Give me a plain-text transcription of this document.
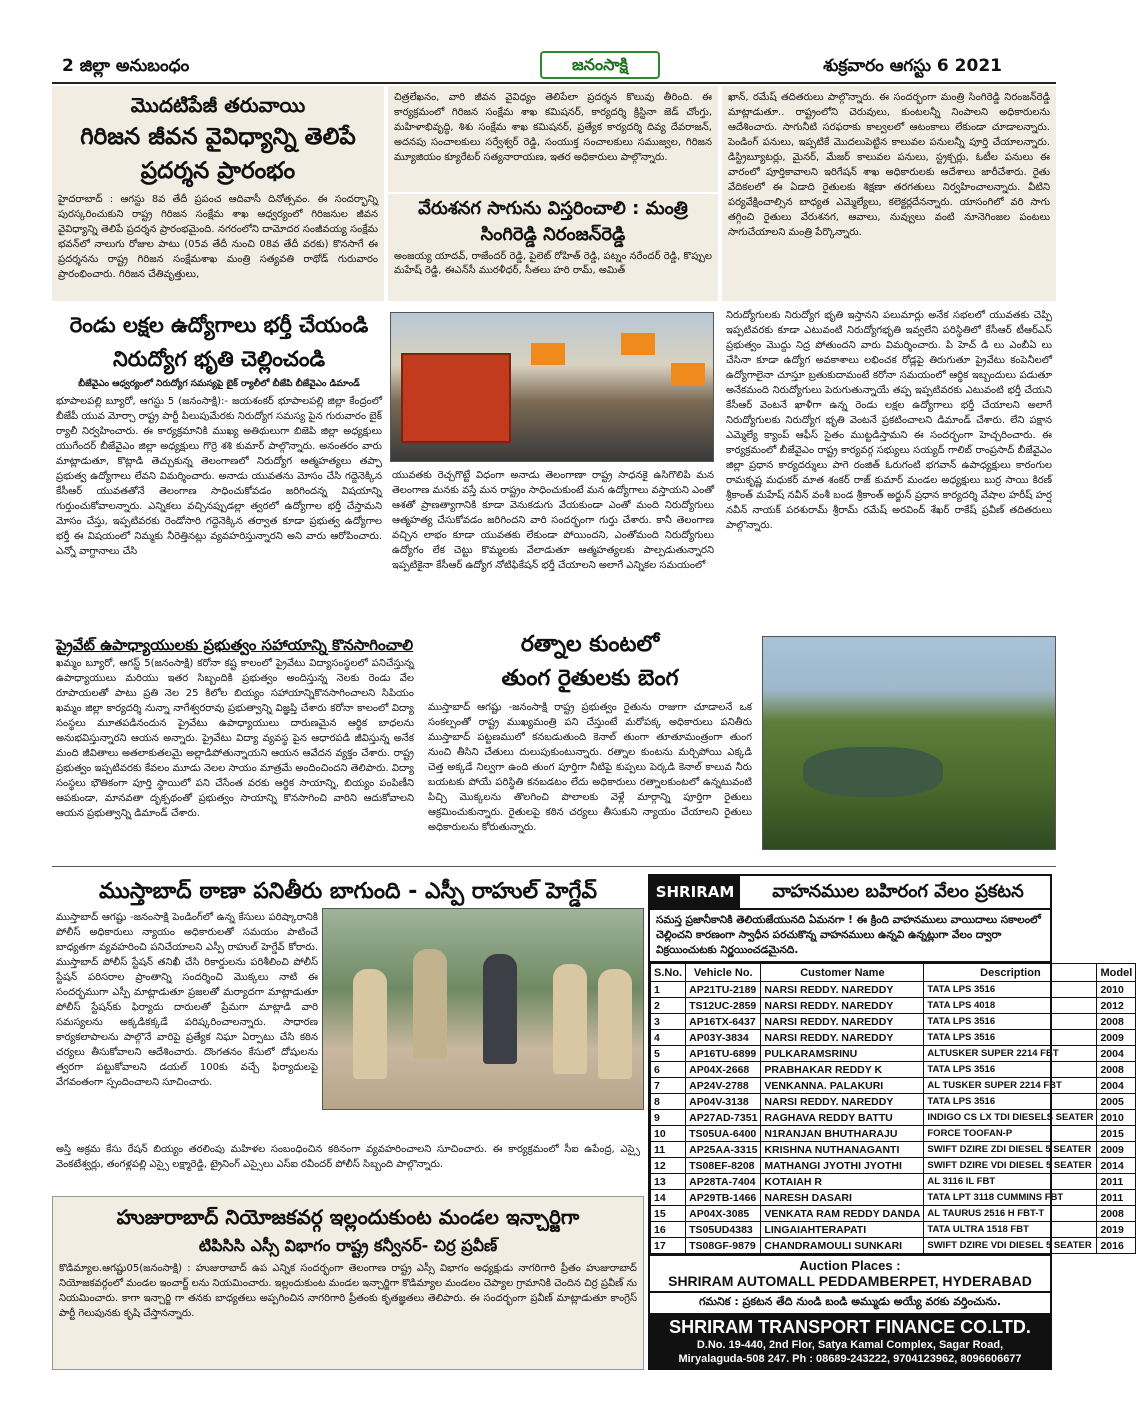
2 జిల్లా అనుబంధం	జనంసాక్షి	శుక్రవారం ఆగస్టు 6 2021
మొదటిపేజీ తరువాయి
గిరిజన జీవన వైవిధ్యాన్ని తెలిపే ప్రదర్శన ప్రారంభం
హైదరాబాద్ : ఆగస్టు 8వ తేదీ ప్రపంచ ఆదివాసీ దినోత్సవం. ఈ సందర్భాన్ని పురస్కరించుకుని రాష్ట్ర గిరిజన సంక్షేమ శాఖ ఆధ్వర్యంలో గిరిజనుల జీవన వైవిధ్యాన్ని తెలిపే ప్రదర్శన ప్రారంభమైంది. నగరంలోని దామోదర సంజీవయ్య సంక్షేమ భవన్‌లో నాలుగు రోజుల పాటు (05వ తేదీ నుంచి 08వ తేదీ వరకు) కొనసాగే ఈ ప్రదర్శనను రాష్ట్ర గిరిజన సంక్షేమశాఖ మంత్రి సత్యవతి రాథోడ్ గురువారం ప్రారంభించారు. గిరిజన చేతివృత్తులు,
చిత్రలేఖనం, వారి జీవన వైవిధ్యం తెలిపేలా ప్రదర్శన కొలువు తీరింది. ఈ కార్యక్రమంలో గిరిజన సంక్షేమ శాఖ కమిషనర్, కార్యదర్శి క్రిస్టినా జెడ్ చోంగ్తు, మహిళాభివృద్ధి, శిశు సంక్షేమ శాఖ కమిషనర్, ప్రత్యేక కార్యదర్శి దివ్య దేవరాజన్, అదనపు సంచాలకులు సర్వేశ్వర్ రెడ్డి, సంయుక్త సంచాలకులు సముజ్వల, గిరిజన మ్యూజియం క్యూరేటర్ సత్యనారాయణ, ఇతర అధికారులు పాల్గొన్నారు.
వేరుశనగ సాగును విస్తరించాలి : మంత్రి సింగిరెడ్డి నిరంజన్‌రెడ్డి
అంజయ్య యాదవ్, రాజేందర్ రెడ్డి, పైలెట్ రోహిత్ రెడ్డి, పట్నం నరేందర్ రెడ్డి, కొప్పుల మహేష్ రెడ్డి, ఈఎన్‌సీ మురళీధర్, సీతలు హరి రామ్, అమిత్
ఖాన్, రమేష్ తదితరులు పాల్గొన్నారు. ఈ సందర్భంగా మంత్రి సింగిరెడ్డి నిరంజన్‌రెడ్డి మాట్లాడుతూ.. రాష్ట్రంలోని చెరువులు, కుంటలన్నీ నింపాలని అధికారులను ఆదేశించారు. సాగునీటి సరఫరాకు కాల్వలలో ఆటంకాలు లేకుండా చూడాలన్నారు. పెండింగ్ పనులు, ఇప్పటికే మొదలుపెట్టిన కాలువల పనులన్నీ పూర్తి చేయాలన్నారు. డిస్ట్రిబ్యూటర్లు, మైనర్, మేజర్ కాలువల పనులు, స్ట్రక్చర్లు, ఓటీల పనులు ఈ వారంలో పూర్తికావాలని ఇరిగేషన్ శాఖ అధికారులకు ఆదేశాలు జారీచేశారు. రైతు వేదికలలో ఈ ఏడాది రైతులకు శిక్షణా తరగతులు నిర్వహించాలన్నారు. వీటిని పర్యవేక్షించాల్సిన బాధ్యత ఎమ్మెల్యేలు, కలెక్టర్లదేనన్నారు. యాసంగిలో వరి సాగు తగ్గించి రైతులు వేరుశనగ, ఆవాలు, నువ్వులు వంటి నూనెగింజల పంటలు సాగుచేయాలని మంత్రి పేర్కొన్నారు.
రెండు లక్షల ఉద్యోగాలు భర్తీ చేయండి
నిరుద్యోగ భృతి చెల్లించండి
బీజేవైఎం ఆధ్వర్యంలో నిరుద్యోగ సమస్యపై బైక్ ర్యాలీలో బీజేపి బీజేవైఎం డిమాండ్
భూపాలపల్లి బ్యూరో, ఆగస్టు 5 (జనంసాక్షి):- జయశంకర్ భూపాలపల్లి జిల్లా కేంద్రంలో బీజేపీ యువ మోర్చా రాష్ట్ర పార్టీ పిలుపుమేరకు నిరుద్యోగ సమస్య పైన గురువారం బైక్ ర్యాలీ నిర్వహించారు. ఈ కార్యక్రమానికి ముఖ్య అతిథులుగా బిజెపి జిల్లా అధ్యక్షులు యుగేందర్ బీజేవైఎం జిల్లా అధ్యక్షులు గొర్రె శశి కుమార్ పాల్గొన్నారు. అనంతరం వారు మాట్లాడుతూ, కొట్లాడి తెచ్చుకున్న తెలంగాణలో నిరుద్యోగ ఆత్మహత్యలు తప్పా ప్రభుత్వ ఉద్యోగాలు లేవని విమర్శించారు. అనాడు యువతను మోసం చేసి గద్దెనెక్కిన కేసీఆర్ యువతతోనే తెలంగాణ సాధించుకోవడం జరిగిందన్న విషయాన్ని గుర్తుంచుకోవాలన్నారు. ఎన్నికలు వచ్చినప్పుడల్లా త్వరలో ఉద్యోగాల భర్తీ చేస్తామని మోసం చేస్తు, ఇప్పటివరకు రెండోసారి గద్దెనెక్కిన తర్వాత కూడా ప్రభుత్వ ఉద్యోగాల భర్తీ ఈ విషయంలో నిమ్మకు నీరెత్తినట్లు వ్యవహరిస్తున్నారని అని వారు ఆరోపించారు. ఎన్నో వాగ్దానాలు చేసి
యువతకు రెచ్చగొట్టే విధంగా అనాడు తెలంగాణా రాష్ట్ర సాధనకై ఉసిగొలిపి మన తెలంగాణ మనకు వస్తే మన రాష్ట్రం సాధించుకుంటే మన ఉద్యోగాలు వస్తాయని ఎంతో ఆశతో ప్రాణత్యాగానికి కూడా వెనుకడుగు వేయకుండా ఎంతో మంది నిరుద్యోగులు ఆత్మహత్య చేసుకోవడం జరిగిందని వారి సందర్భంగా గుర్తు చేశారు. కానీ తెలంగాణ వచ్చిన లాభం కూడా యువతకు లేకుండా పోయిందని, ఎంతోమంది నిరుద్యోగులు ఉద్యోగం లేక చెట్టు కొమ్మలకు వేలాడుతూ ఆత్మహత్యలకు పాల్పడుతున్నారని ఇప్పటికైనా కేసీఆర్ ఉద్యోగ నోటిఫికేషన్ భర్తీ చేయాలని అలాగే ఎన్నికల సమయంలో
నిరుద్యోగులకు నిరుద్యోగ భృతి ఇస్తానని పలుమార్లు అనేక సభలలో యువతకు చెప్పి ఇప్పటివరకు కూడా ఎటువంటి నిరుద్యోగభృతి ఇవ్వలేని పరిస్థితిలో కేసీఆర్ టీఆర్ఎస్ ప్రభుత్వం మొద్దు నిద్ర పోతుందని వారు విమర్శించారు. పి హెచ్ డి లు ఎంబీఏ లు చేసినా కూడా ఉద్యోగ అవకాశాలు లభించక రోడ్లపై తిరుగుతూ ప్రైవేటు కంపెనీలలో ఉద్యోగాలైనా చూస్తూ బ్రతుకుదామంటే కరోనా సమయంలో ఆర్థిక ఇబ్బందులు పడుతూ అనేకమంది నిరుద్యోగులు పెరుగుతున్నాయే తప్ప ఇప్పటివరకు ఎటువంటి భర్తీ చేయని కేసీఆర్ వెంటనే ఖాళీగా ఉన్న రెండు లక్షల ఉద్యోగాలు భర్తీ చేయాలని అలాగే నిరుద్యోగులకు నిరుద్యోగ భృతి వెంటనే ప్రకటించాలని డిమాండ్ చేశారు. లేని పక్షాన ఎమ్మెల్యే క్యాంప్ ఆఫీస్ సైతం ముట్టడిస్తామని ఈ సందర్భంగా హెచ్చరించారు. ఈ కార్యక్రమంలో బీజేవైఎం రాష్ట్ర కార్యవర్గ సభ్యులు సయ్యద్ గాలిబ్ రాంప్రసాద్ బీజేవైఎం జిల్లా ప్రధాన కార్యదర్శులు పాగె రంజిత్ ఓరుగంటి భగవాన్ ఉపాధ్యక్షులు కారంగుల రామకృష్ణ మధుకర్ మాత శంకర్ రాజ్ కుమార్ మండల అధ్యక్షులు బుర్ర సాయి కిరణ్ శ్రీకాంత్ మహేష్ నవీన్ వంశీ బండ శ్రీకాంత్ అర్జున్ ప్రధాన కార్యదర్శి వేషాల హరీష్ హర్ష నవీన్ నాయక్ పరశురామ్ శ్రీరామ్ రమేష్ అరవింద్ శేఖర్ రాకేష్ ప్రవీణ్ తదితరులు పాల్గొన్నారు.
ప్రైవేట్ ఉపాధ్యాయులకు ప్రభుత్వం సహాయాన్ని కొనసాగించాలి
ఖమ్మం బ్యూరో, ఆగస్ట్ 5(జనంసాక్షి) కరోనా కష్ట కాలంలో ప్రైవేటు విద్యాసంస్థలలో పనిచేస్తున్న ఉపాధ్యాయులు మరియు ఇతర సిబ్బందికి ప్రభుత్వం అందిస్తున్న నెలకు రెండు వేల రూపాయలతో పాటు ప్రతి నెల 25 కిలోల బియ్యం సహాయాన్నికొనసాగించాలని సిపియం ఖమ్మం జిల్లా కార్యదర్శి నున్నా నాగేశ్వరరావు ప్రభుత్వాన్ని విజ్ఞప్తి చేశారు కరోనా కాలంలో విద్యా సంస్థలు మూతపడినందున ప్రైవేటు ఉపాధ్యాయులు దారుణమైన ఆర్థిక బాధలను అనుభవిస్తున్నారని ఆయన అన్నారు. ప్రైవేటు విద్యా వ్యవస్థ పైన ఆధారపడి జీవిస్తున్న అనేక మంది జీవితాలు అతలాకుతలమై అల్లాడిపోతున్నాయని ఆయన ఆవేదన వ్యక్తం చేశారు. రాష్ట్ర ప్రభుత్వం ఇప్పటివరకు కేవలం మూడు నెలల సాయం మాత్రమే అందించిందని తెలిపారు. విద్యా సంస్థలు భౌతికంగా పూర్తి స్థాయిలో పని చేసేంత వరకు ఆర్థిక సాయాన్ని, బియ్యం పంపిణీని ఆపకుండా, మానవతా దృక్పథంతో ప్రభుత్వం సాయాన్ని కొనసాగించి వారిని ఆదుకోవాలని ఆయన ప్రభుత్వాన్ని డిమాండ్ చేశారు.
రత్నాల కుంటలో
తుంగ రైతులకు బెంగ
ముస్తాబాద్ ఆగష్టు -జనంసాక్షి రాష్ట్ర ప్రభుత్వం రైతును రాజుగా చూడాలనే ఒక సంకల్పంతో రాష్ట్ర ముఖ్యమంత్రి పని చేస్తుంటే మరోపక్క అధికారులు పనితీరు ముస్తాబాద్ పట్టణములో కనబడుతుంది కెనాల్ తుంగా తూతూమంత్రంగా తుంగ నుంచి తీసిని చేతులు దులుపుకుంటున్నారు. రత్నాల కుంటను మర్చిపోయి ఎక్కడి చెత్త అక్కడే నిల్వగా ఉంది తుంగ పూర్తిగా నీటిపై కుప్పలు పెర్కడి కెనాల్ కాలువ నీరు బయటకు పోయే పరిస్థితి కనబడటం లేదు అధికారులు రత్నాలకుంటలో ఉన్నటువంటి పిచ్చి మొక్కలను తొలగించి పొలాలకు వెళ్లే మార్గాన్ని పూర్తిగా రైతులు ఆక్రమించుకున్నారు. రైతులపై కఠిన చర్యలు తీసుకుని న్యాయం చేయాలని రైతులు అధికారులను కోరుతున్నారు.
ముస్తాబాద్ ఠాణా పనితీరు బాగుంది - ఎస్పీ రాహుల్ హెగ్డేవ్
ముస్తాబాద్ ఆగష్టు -జనంసాక్షి పెండింగ్‌లో ఉన్న కేసులు పరిష్కారానికి పోలీస్ అధికారులు న్యాయం అధికారులతో సమయం పాటించే బాధ్యతగా వ్యవహరించి పనిచేయాలని ఎస్పీ రాహుల్ హెగ్డేవ్ కోరారు. ముస్తాబాద్ పోలీస్ స్టేషన్ తనిఖీ చేసి రికార్డులను పరిశీలించి పోలీస్ స్టేషన్ పరిసరాల ప్రాంతాన్ని సందర్శించి మొక్కలు నాటి ఈ సందర్భముగా ఎస్పీ మాట్లాడుతూ ప్రజలతో మర్యాదగా మాట్లాడుతూ పోలీస్ స్టేషన్‌కు ఫిర్యాదు దారులతో ప్రేమగా మాట్లాడి వారి సమస్యలను అక్కడికక్కడే పరిష్కరించాలన్నారు. సాధారణ కార్యకలాపాలను పాల్గొనే వారిపై ప్రత్యేక నిఘా ఏర్పాటు చేసి కఠిన చర్యలు తీసుకోవాలని ఆదేశించారు. దొంగతనం కేసులో దోషులను త్వరగా పట్టుకోవాలని డయల్ 100కు వచ్చే ఫిర్యాదులపై వేగవంతంగా స్పందించాలని సూచించారు.
అస్తి అక్రమ కేసు రేషన్ బియ్యం తరలింపు మహిళల సంబంధించిన కఠినంగా వ్యవహరించాలని సూచించారు. ఈ కార్యక్రమంలో సీఐ ఉపేంద్ర, ఎస్సై వెంకటేశ్వర్లు, తంగళ్లపల్లి ఎస్సై లక్ష్మారెడ్డి, ట్రైనింగ్ ఎస్సైలు ఎస్ఐ రవీందర్ పోలీస్ సిబ్బంది పాల్గొన్నారు.
హుజురాబాద్ నియోజకవర్గ ఇల్లందుకుంట మండల ఇన్చార్జిగా
టిపిసిసి ఎస్సీ విభాగం రాష్ట్ర కన్వీనర్- చిర్ర ప్రవీణ్
కొడిమ్యాల.ఆగష్టు05(జనంసాక్షి) : హుజురాబాద్ ఉప ఎన్నిక సందర్భంగా తెలంగాణ రాష్ట్ర ఎస్సీ విభాగం అధ్యక్షుడు నాగరిగారి ప్రీతం హుజురాబాద్ నియోజకవర్గంలో మండల ఇంచార్జ్ లను నియమించారు. ఇల్లందుకుంట మండల ఇన్చార్జిగా కొడిమ్యాల మండలం చెప్యాల గ్రామానికి చెందిన చిర్ర ప్రవీణ్ ను నియమించారు. కాగా ఇన్చార్జి గా తనకు బాధ్యతలు అప్పగించిన నాగరిగారి ప్రీతంకు కృతజ్ఞతలు తెలిపారు. ఈ సందర్భంగా ప్రవీణ్ మాట్లాడుతూ కాంగ్రెస్ పార్టీ గెలుపునకు కృషి చేస్తానన్నారు.
SHRIRAM	వాహనముల బహిరంగ వేలం ప్రకటన
సమస్త ప్రజానీకానికి తెలియజేయునది ఏమనగా ! ఈ క్రింది వాహనములు వాయిదాలు సకాలంలో చెల్లించని కారణంగా స్వాధీన పరచుకొన్న వాహనములు ఉన్నవి ఉన్నట్లుగా వేలం ద్వారా విక్రయించుటకు నిర్ణయించడమైనది.
S.No.	Vehicle No.	Customer Name	Description	Model
1	AP21TU-2189	NARSI REDDY. NAREDDY	TATA LPS 3516	2010
2	TS12UC-2859	NARSI REDDY. NAREDDY	TATA LPS 4018	2012
3	AP16TX-6437	NARSI REDDY. NAREDDY	TATA LPS 3516	2008
4	AP03Y-3834	NARSI REDDY. NAREDDY	TATA LPS 3516	2009
5	AP16TU-6899	PULKARAMSRINU	ALTUSKER SUPER 2214 FBT	2004
6	AP04X-2668	PRABHAKAR REDDY K	TATA LPS 3516	2008
7	AP24V-2788	VENKANNA. PALAKURI	AL TUSKER SUPER 2214 FBT	2004
8	AP04V-3138	NARSI REDDY. NAREDDY	TATA LPS 3516	2005
9	AP27AD-7351	RAGHAVA REDDY BATTU	INDIGO CS LX TDI DIESELS SEATER	2010
10	TS05UA-6400	N1RANJAN BHUTHARAJU	FORCE TOOFAN-P	2015
11	AP25AA-3315	KRISHNA NUTHANAGANTI	SWIFT DZIRE ZDI DIESEL 5 SEATER	2009
12	TS08EF-8208	MATHANGI JYOTHI JYOTHI	SWIFT DZIRE VDI DIESEL 5 SEATER	2014
13	AP28TA-7404	KOTAIAH R	AL 3116 IL FBT	2011
14	AP29TB-1466	NARESH DASARI	TATA LPT 3118 CUMMINS FBT	2011
15	AP04X-3085	VENKATA RAM REDDY DANDA	AL TAURUS 2516 H FBT-T	2008
16	TS05UD4383	LINGAIAHTERAPATI	TATA ULTRA 1518 FBT	2019
17	TS08GF-9879	CHANDRAMOULI SUNKARI	SWIFT DZIRE VDI DIESEL 5 SEATER	2016
Auction Places :
SHRIRAM AUTOMALL PEDDAMBERPET, HYDERABAD
గమనిక : ప్రకటన తేది నుండి బండి అమ్ముడు అయ్యే వరకు వర్తించును.
SHRIRAM TRANSPORT FINANCE CO.LTD.
D.No. 19-440, 2nd Flor, Satya Kamal Complex, Sagar Road,
Miryalaguda-508 247. Ph : 08689-243222, 9704123962, 8096606677
